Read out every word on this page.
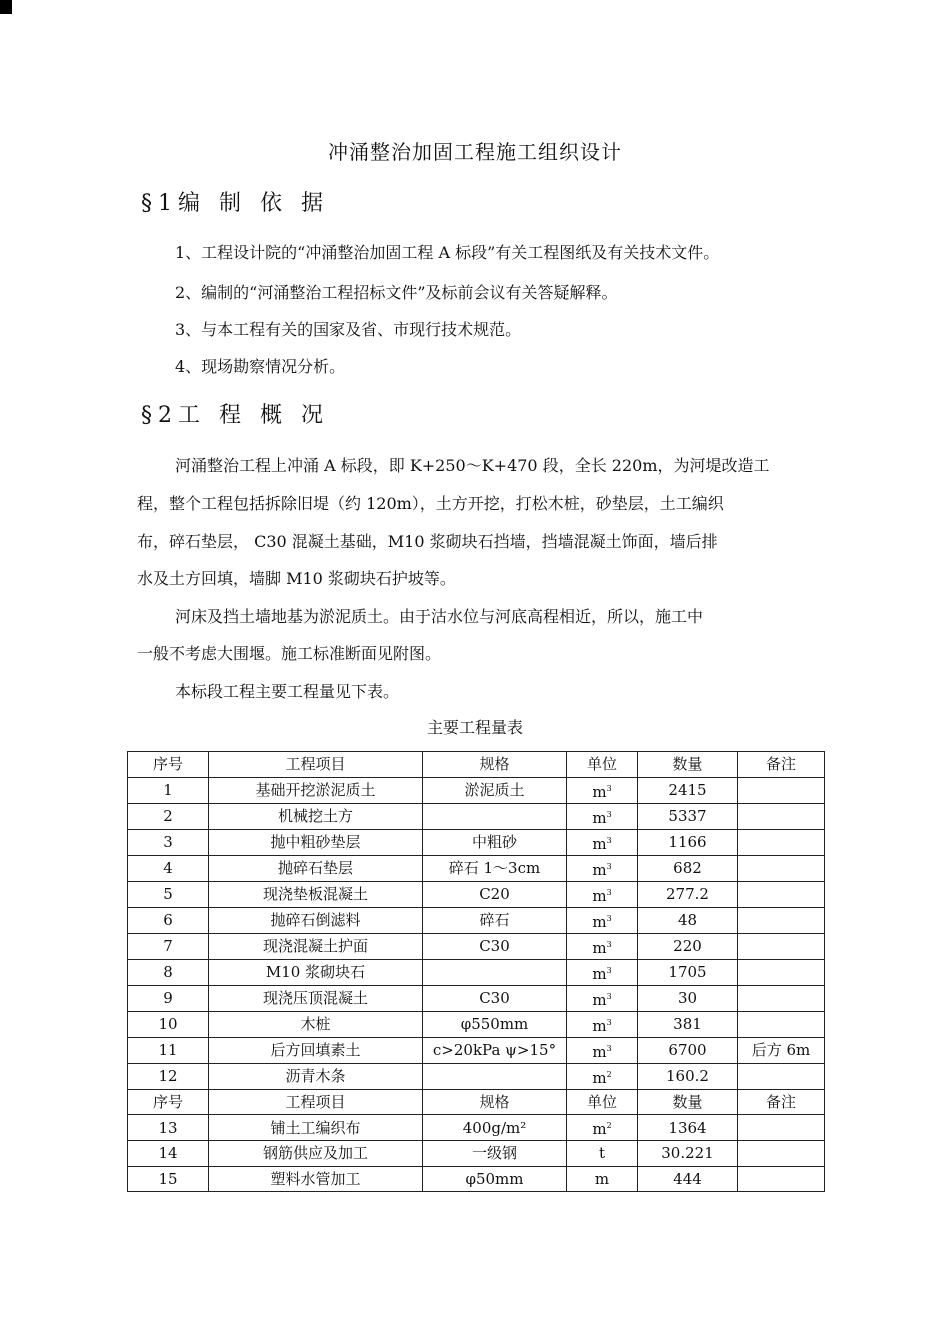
冲涌整治加固工程施工组织设计
§1编 制 依 据
1、工程设计院的“冲涌整治加固工程 A 标段”有关工程图纸及有关技术文件。
2、编制的“河涌整治工程招标文件”及标前会议有关答疑解释。
3、与本工程有关的国家及省、市现行技术规范。
4、现场勘察情况分析。
§2工 程 概 况
河涌整治工程上冲涌 A 标段，即 K+250～K+470 段，全长 220m，为河堤改造工
程，整个工程包括拆除旧堤（约 120m），土方开挖，打松木桩，砂垫层，土工编织
布，碎石垫层， C30 混凝土基础，M10 浆砌块石挡墙，挡墙混凝土饰面，墙后排
水及土方回填，墙脚 M10 浆砌块石护坡等。
河床及挡土墙地基为淤泥质土。由于沽水位与河底高程相近，所以，施工中
一般不考虑大围堰。施工标准断面见附图。
本标段工程主要工程量见下表。
主要工程量表
序号	工程项目	规格	单位	数量	备注
1	基础开挖淤泥质土	淤泥质土	$m^3$	2415	
2	机械挖土方		$m^3$	5337	
3	抛中粗砂垫层	中粗砂	$m^3$	1166	
4	抛碎石垫层	碎石 1～3cm	$m^3$	682	
5	现浇垫板混凝土	C20	$m^3$	277.2	
6	抛碎石倒滤料	碎石	$m^3$	48	
7	现浇混凝土护面	C30	$m^3$	220	
8	M10 浆砌块石		$m^3$	1705	
9	现浇压顶混凝土	C30	$m^3$	30	
10	木桩	φ550mm	$m^3$	381	
11	后方回填素土	c>20kPa ψ>15°	$m^3$	6700	后方 6m
12	沥青木条		$m^2$	160.2	
序号	工程项目	规格	单位	数量	备注
13	铺土工编织布	400g/m²	$m^2$	1364	
14	钢筋供应及加工	一级钢	t	30.221	
15	塑料水管加工	φ50mm	m	444	
